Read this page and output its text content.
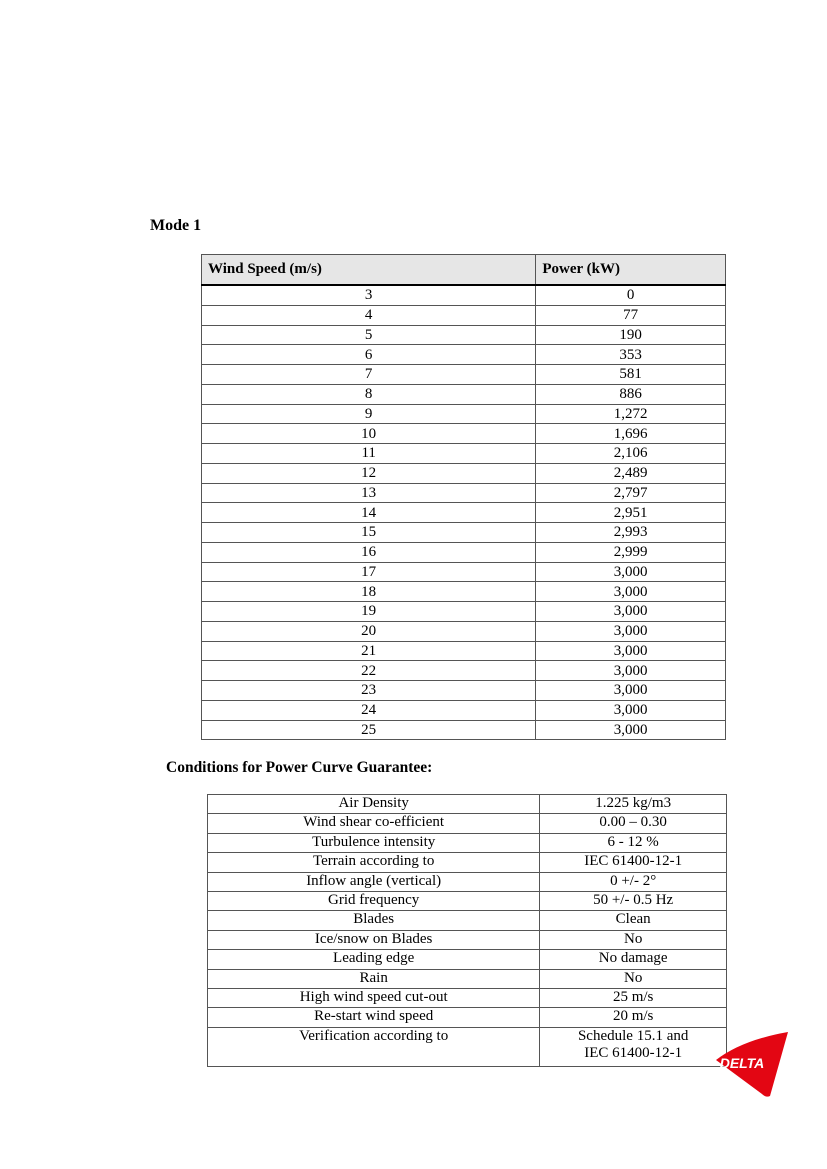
Mode 1
Wind Speed (m/s)	Power (kW)
3	0
4	77
5	190
6	353
7	581
8	886
9	1,272
10	1,696
11	2,106
12	2,489
13	2,797
14	2,951
15	2,993
16	2,999
17	3,000
18	3,000
19	3,000
20	3,000
21	3,000
22	3,000
23	3,000
24	3,000
25	3,000
Conditions for Power Curve Guarantee:
Air Density	1.225 kg/m3
Wind shear co-efficient	0.00 – 0.30
Turbulence intensity	6 - 12 %
Terrain according to	IEC 61400-12-1
Inflow angle (vertical)	0 +/- 2°
Grid frequency	50 +/- 0.5 Hz
Blades	Clean
Ice/snow on Blades	No
Leading edge	No damage
Rain	No
High wind speed cut-out	25 m/s
Re-start wind speed	20 m/s
Verification according to	Schedule 15.1 and
IEC 61400-12-1
DELTA
